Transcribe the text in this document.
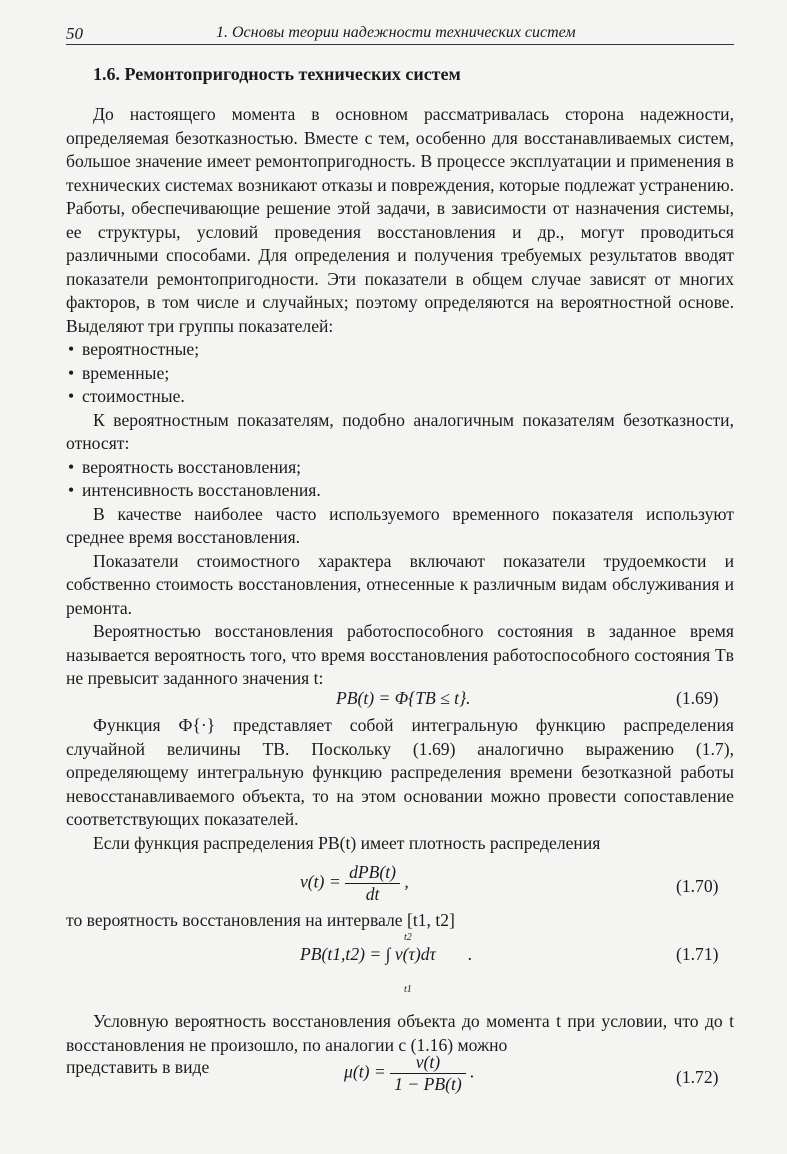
50	1. Основы теории надежности технических систем
1.6. Ремонтопригодность технических систем

До настоящего момента в основном рассматривалась сторона надежности, определяемая безотказностью. Вместе с тем, особенно для восстанавливаемых систем, большое значение имеет ремонтопригодность. В процессе эксплуатации и применения в технических системах возникают отказы и повреждения, которые подлежат устранению. Работы, обеспечивающие решение этой задачи, в зависимости от назначения системы, ее структуры, условий проведения восстановления и др., могут проводиться различными способами. Для определения и получения требуемых результатов вводят показатели ремонтопригодности. Эти показатели в общем случае зависят от многих факторов, в том числе и случайных; поэтому определяются на вероятностной основе. Выделяют три группы показателей:

• вероятностные;
• временные;
• стоимостные.

К вероятностным показателям, подобно аналогичным показателям безотказности, относят:

• вероятность восстановления;
• интенсивность восстановления.

В качестве наиболее часто используемого временного показателя используют среднее время восстановления.

Показатели стоимостного характера включают показатели трудоемкости и собственно стоимость восстановления, отнесенные к различным видам обслуживания и ремонта.

Вероятностью восстановления работоспособного состояния в заданное время называется вероятность того, что время восстановления работоспособного состояния Tв не превысит заданного значения t:

PB(t) = Φ{TB ≤ t}.	(1.69)

Функция Ф{·} представляет собой интегральную функцию распределения случайной величины TB. Поскольку (1.69) аналогично выражению (1.7), определяющему интегральную функцию распределения времени безотказной работы невосстанавливаемого объекта, то на этом основании можно провести сопоставление соответствующих показателей.

Если функция распределения PB(t) имеет плотность распределения

$\nu(t) = \frac{\text{dPB(t)}}{dt}$ ,	(1.70)
то вероятность восстановления на интервале [t1, t2]
t2
PB(t1,t2) = ∫ ν(τ)dτ
t1
.	(1.71)

Условную вероятность восстановления объекта до момента t при условии, что до t восстановления не произошло, по аналогии с (1.16) можно

представить в виде	$\mu(t) = \frac{\nu(t)}{1 - PB(t)}$ .	(1.72)
